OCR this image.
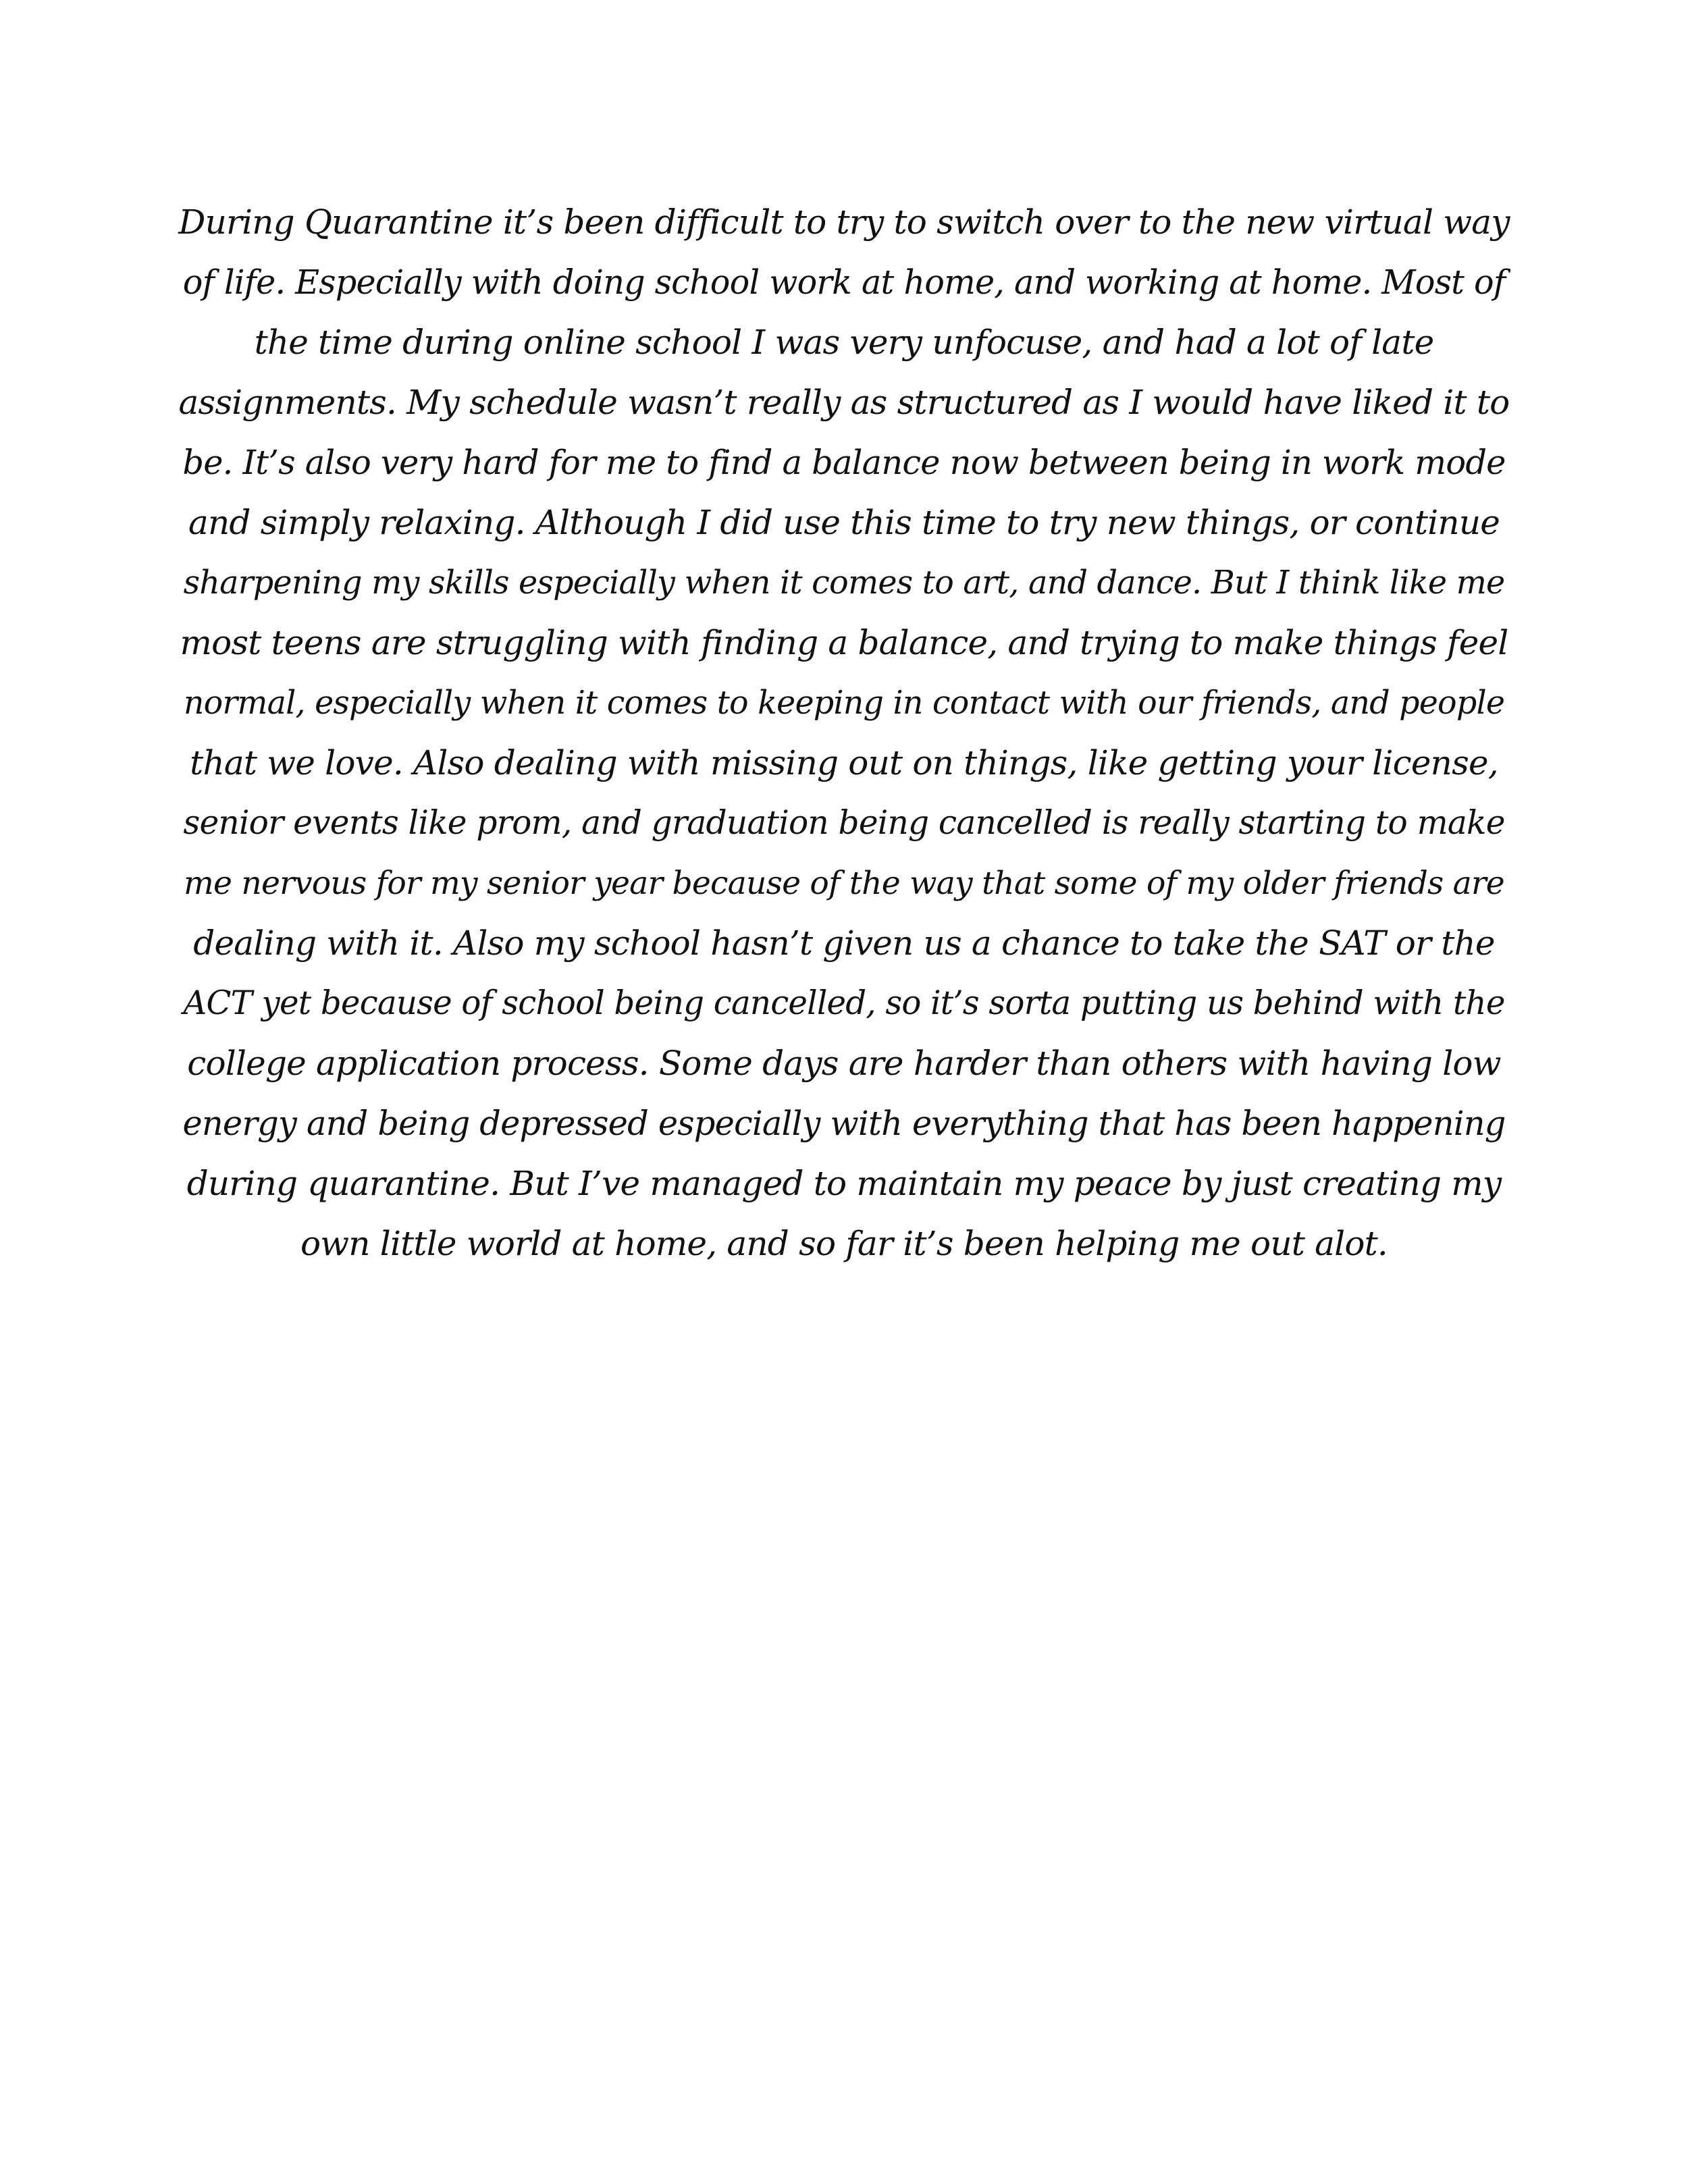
During Quarantine it’s been difficult to try to switch over to the new virtual way
of life. Especially with doing school work at home, and working at home. Most of
the time during online school I was very unfocuse, and had a lot of late
assignments. My schedule wasn’t really as structured as I would have liked it to
be. It’s also very hard for me to find a balance now between being in work mode
and simply relaxing. Although I did use this time to try new things, or continue
sharpening my skills especially when it comes to art, and dance. But I think like me
most teens are struggling with finding a balance, and trying to make things feel
normal, especially when it comes to keeping in contact with our friends, and people
that we love. Also dealing with missing out on things, like getting your license,
senior events like prom, and graduation being cancelled is really starting to make
me nervous for my senior year because of the way that some of my older friends are
dealing with it. Also my school hasn’t given us a chance to take the SAT or the
ACT yet because of school being cancelled, so it’s sorta putting us behind with the
college application process. Some days are harder than others with having low
energy and being depressed especially with everything that has been happening
during quarantine. But I’ve managed to maintain my peace by just creating my
own little world at home, and so far it’s been helping me out alot.
